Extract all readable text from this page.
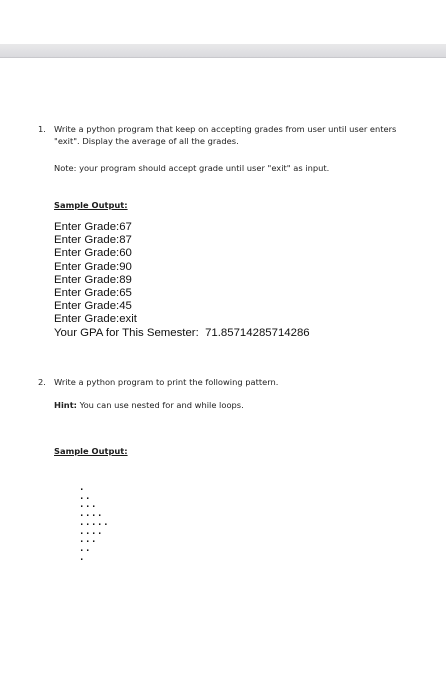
1. Write a python program that keep on accepting grades from user until user enters "exit". Display the average of all the grades.
Note: your program should accept grade until user "exit" as input.
Sample Output:
Enter Grade:67
Enter Grade:87
Enter Grade:60
Enter Grade:90
Enter Grade:89
Enter Grade:65
Enter Grade:45
Enter Grade:exit
Your GPA for This Semester:  71.85714285714286
2. Write a python program to print the following pattern.
Hint: You can use nested for and while loops.
Sample Output:
.
..
...
....
.....
....
...
..
.
